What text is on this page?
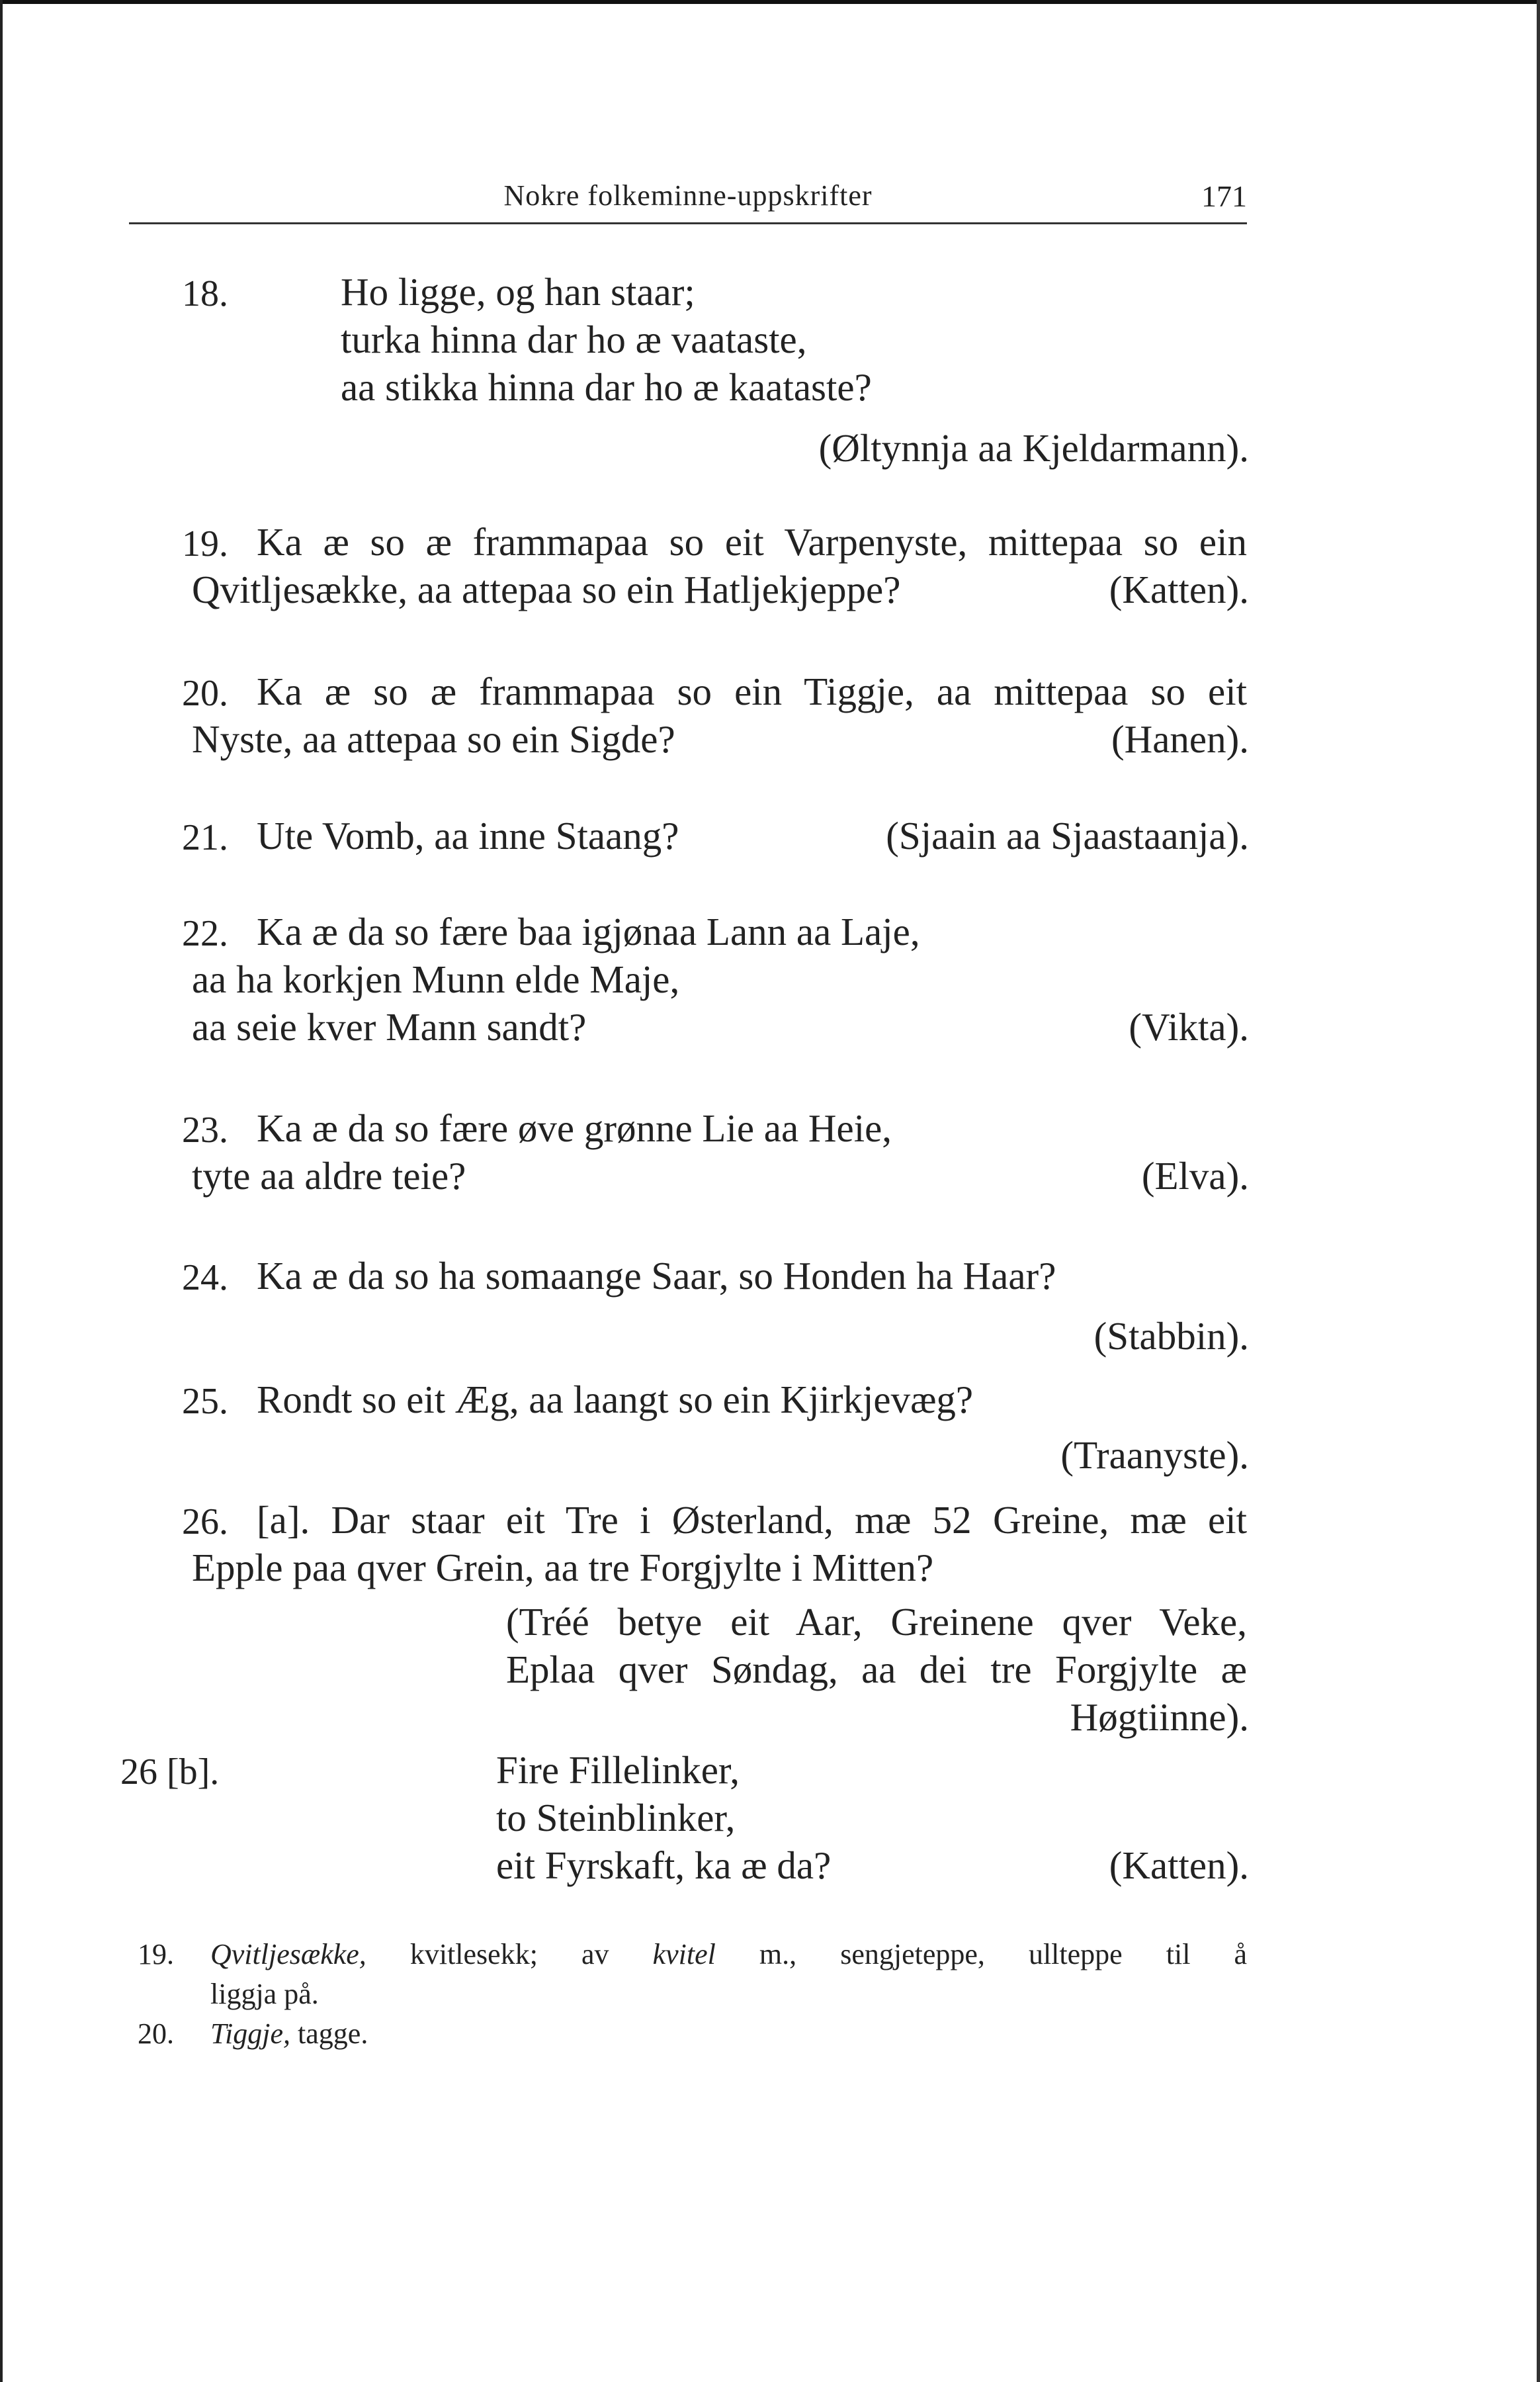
Nokre folkeminne-uppskrifter	171
18.	Ho ligge, og han staar;
turka hinna dar ho æ vaataste,
aa stikka hinna dar ho æ kaataste?
(Øltynnja aa Kjeldarmann).
19. Ka æ so æ frammapaa so eit Varpenyste, mittepaa so ein
Qvitljesække, aa attepaa so ein Hatljekjeppe?	(Katten).
20. Ka æ so æ frammapaa so ein Tiggje, aa mittepaa so eit
Nyste, aa attepaa so ein Sigde?	(Hanen).
21. Ute Vomb, aa inne Staang?	(Sjaain aa Sjaastaanja).
22. Ka æ da so fære baa igjønaa Lann aa Laje,
aa ha korkjen Munn elde Maje,
aa seie kver Mann sandt?	(Vikta).
23. Ka æ da so fære øve grønne Lie aa Heie,
tyte aa aldre teie?	(Elva).
24. Ka æ da so ha somaange Saar, so Honden ha Haar?
(Stabbin).
25. Rondt so eit Æg, aa laangt so ein Kjirkjevæg?
(Traanyste).
26. [a]. Dar staar eit Tre i Østerland, mæ 52 Greine, mæ eit
Epple paa qver Grein, aa tre Forgjylte i Mitten?
(Tréé betye eit Aar, Greinene qver Veke,
Eplaa qver Søndag, aa dei tre Forgjylte æ
Høgtiinne).
26 [b].	Fire Fillelinker,
to Steinblinker,
eit Fyrskaft, ka æ da?	(Katten).
19. Qvitljesække, kvitlesekk; av kvitel m., sengjeteppe, ullteppe til å
liggja på.
20. Tiggje, tagge.
